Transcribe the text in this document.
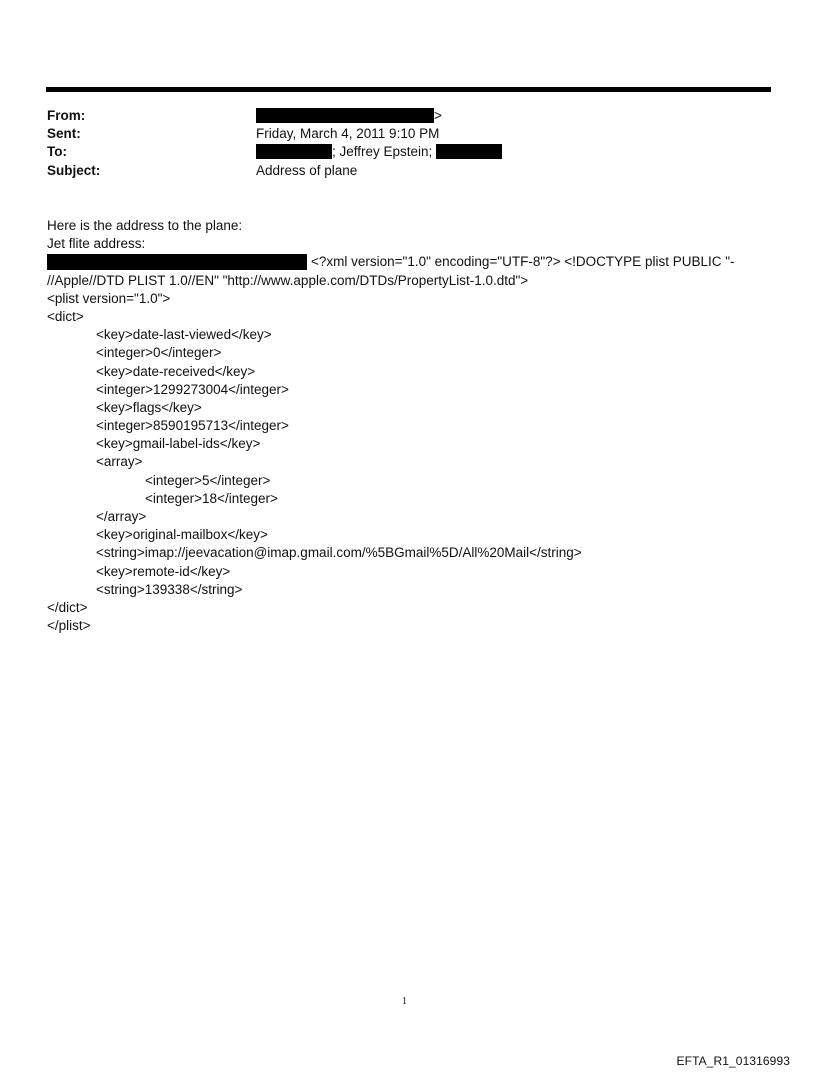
From:	>
Sent:	Friday, March 4, 2011 9:10 PM
To:	; Jeffrey Epstein;
Subject:	Address of plane
Here is the address to the plane:
Jet flite address:
<?xml version="1.0" encoding="UTF-8"?> <!DOCTYPE plist PUBLIC "-
//Apple//DTD PLIST 1.0//EN" "http://www.apple.com/DTDs/PropertyList-1.0.dtd">
<plist version="1.0">
<dict>
<key>date-last-viewed</key>
<integer>0</integer>
<key>date-received</key>
<integer>1299273004</integer>
<key>flags</key>
<integer>8590195713</integer>
<key>gmail-label-ids</key>
<array>
<integer>5</integer>
<integer>18</integer>
</array>
<key>original-mailbox</key>
<string>imap://jeevacation@imap.gmail.com/%5BGmail%5D/All%20Mail</string>
<key>remote-id</key>
<string>139338</string>
</dict>
</plist>
1
EFTA_R1_01316993
